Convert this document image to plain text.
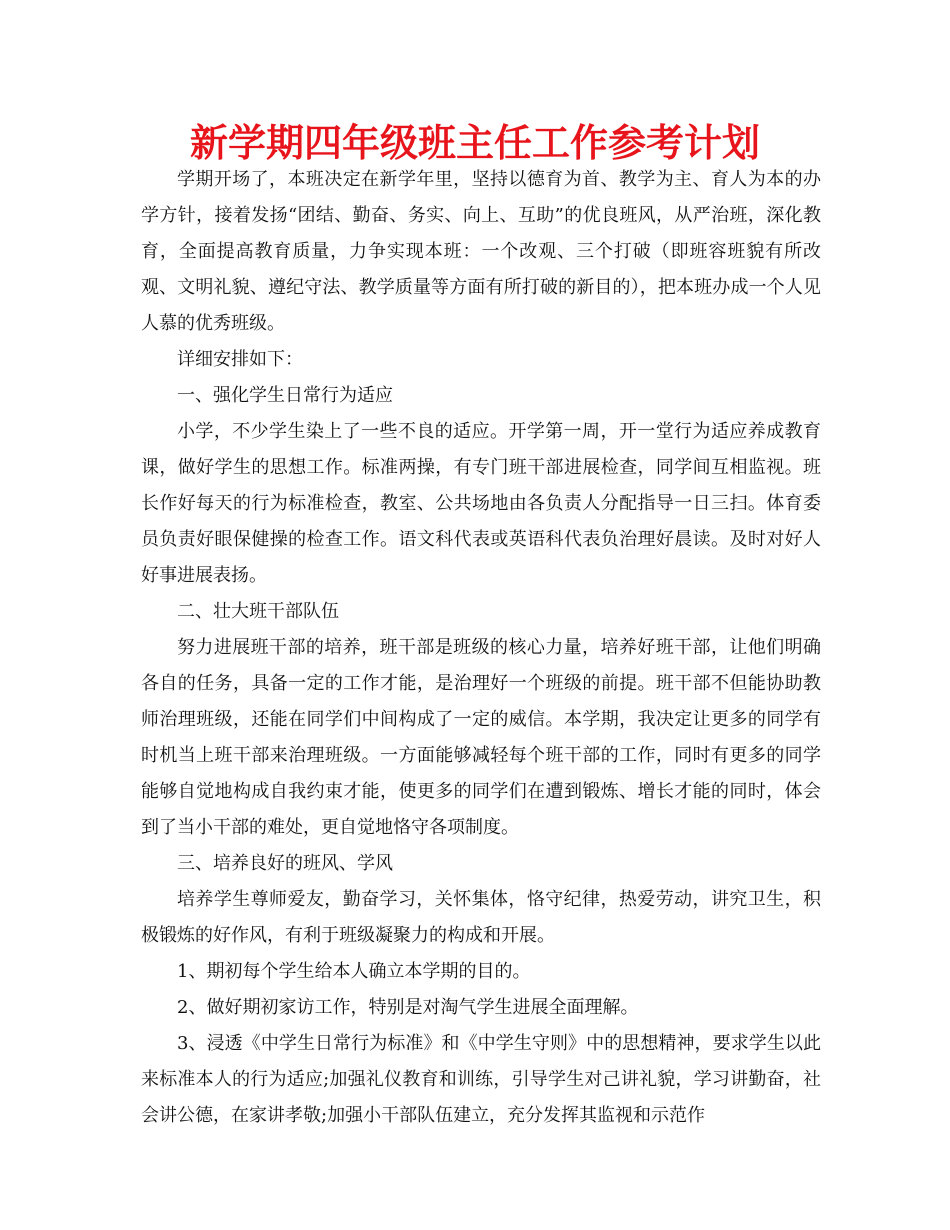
新学期四年级班主任工作参考计划

学期开场了，本班决定在新学年里，坚持以德育为首、教学为主、育人为本的办学方针，接着发扬“团结、勤奋、务实、向上、互助”的优良班风，从严治班，深化教育，全面提高教育质量，力争实现本班：一个改观、三个打破（即班容班貌有所改观、文明礼貌、遵纪守法、教学质量等方面有所打破的新目的），把本班办成一个人见人慕的优秀班级。

详细安排如下：

一、强化学生日常行为适应

小学，不少学生染上了一些不良的适应。开学第一周，开一堂行为适应养成教育课，做好学生的思想工作。标准两操，有专门班干部进展检查，同学间互相监视。班长作好每天的行为标准检查，教室、公共场地由各负责人分配指导一日三扫。体育委员负责好眼保健操的检查工作。语文科代表或英语科代表负治理好晨读。及时对好人好事进展表扬。

二、壮大班干部队伍

努力进展班干部的培养，班干部是班级的核心力量，培养好班干部，让他们明确各自的任务，具备一定的工作才能，是治理好一个班级的前提。班干部不但能协助教师治理班级，还能在同学们中间构成了一定的威信。本学期，我决定让更多的同学有时机当上班干部来治理班级。一方面能够减轻每个班干部的工作，同时有更多的同学能够自觉地构成自我约束才能，使更多的同学们在遭到锻炼、增长才能的同时，体会到了当小干部的难处，更自觉地恪守各项制度。

三、培养良好的班风、学风

培养学生尊师爱友，勤奋学习，关怀集体，恪守纪律，热爱劳动，讲究卫生，积极锻炼的好作风，有利于班级凝聚力的构成和开展。

1、期初每个学生给本人确立本学期的目的。

2、做好期初家访工作，特别是对淘气学生进展全面理解。

3、浸透《中学生日常行为标准》和《中学生守则》中的思想精神，要求学生以此来标准本人的行为适应;加强礼仪教育和训练，引导学生对己讲礼貌，学习讲勤奋，社会讲公德，在家讲孝敬;加强小干部队伍建立，充分发挥其监视和示范作
